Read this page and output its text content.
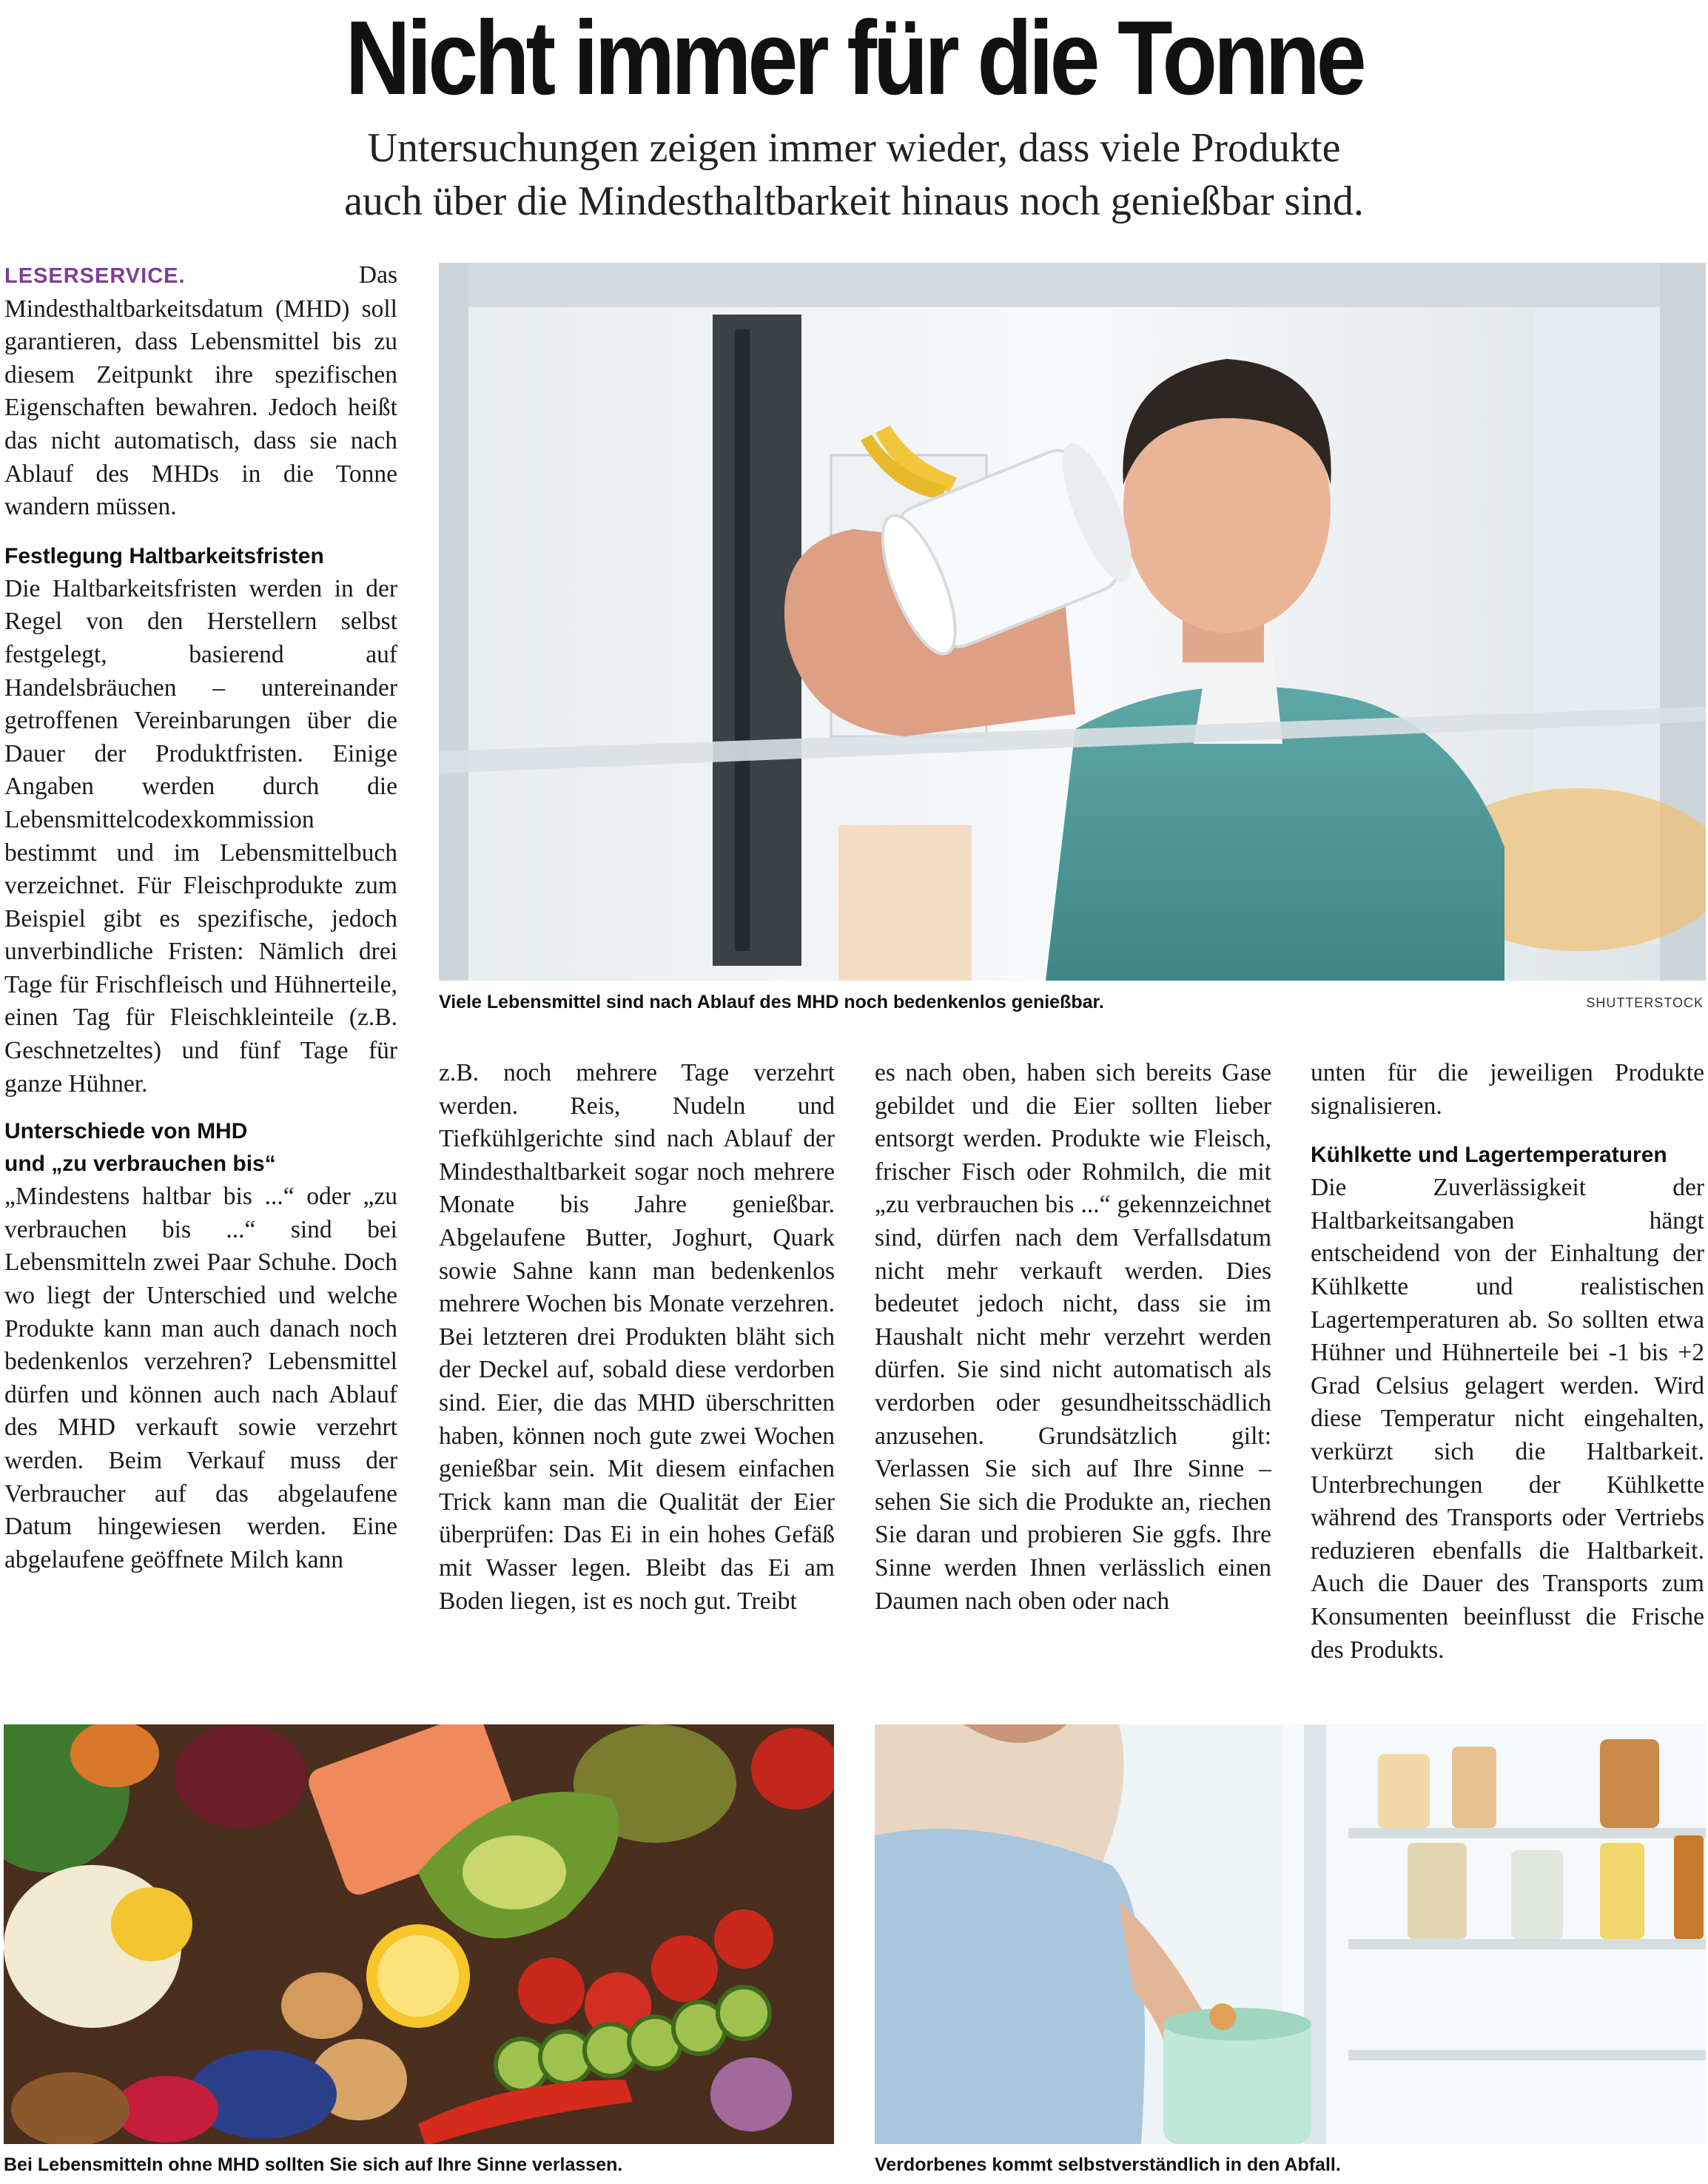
Nicht immer für die Tonne
Untersuchungen zeigen immer wieder, dass viele Produkte
auch über die Mindesthaltbarkeit hinaus noch genießbar sind.

LESERSERVICE.	Das Mindesthaltbarkeitsdatum (MHD) soll garantieren, dass Lebensmittel bis zu diesem Zeitpunkt ihre spezifischen Eigenschaften bewahren. Jedoch heißt das nicht automatisch, dass sie nach Ablauf des MHDs in die Tonne wandern müssen.

Festlegung Haltbarkeitsfristen

Die Haltbarkeitsfristen werden in der Regel von den Herstellern selbst festgelegt, basierend auf Handelsbräuchen – untereinander getroffenen Vereinbarungen über die Dauer der Produktfristen. Einige Angaben werden durch die Lebensmittelcodexkommission bestimmt und im Lebensmittelbuch verzeichnet. Für Fleischprodukte zum Beispiel gibt es spezifische, jedoch unverbindliche Fristen: Nämlich drei Tage für Frischfleisch und Hühnerteile, einen Tag für Fleischkleinteile (z.B. Geschnetzeltes) und fünf Tage für ganze Hühner.

Unterschiede von MHD
und „zu verbrauchen bis“

„Mindestens haltbar bis ...“ oder „zu verbrauchen bis ...“ sind bei Lebensmitteln zwei Paar Schuhe. Doch wo liegt der Unterschied und welche Produkte kann man auch danach noch bedenkenlos verzehren? Lebensmittel dürfen und können auch nach Ablauf des MHD verkauft sowie verzehrt werden. Beim Verkauf muss der Verbraucher auf das abgelaufene Datum hingewiesen werden. Eine abgelaufene geöffnete Milch kann

Viele Lebensmittel sind nach Ablauf des MHD noch bedenkenlos genießbar.	SHUTTERSTOCK

z.B. noch mehrere Tage verzehrt werden. Reis, Nudeln und Tiefkühlgerichte sind nach Ablauf der Mindesthaltbarkeit sogar noch mehrere Monate bis Jahre genießbar. Abgelaufene Butter, Joghurt, Quark sowie Sahne kann man bedenkenlos mehrere Wochen bis Monate verzehren. Bei letzteren drei Produkten bläht sich der Deckel auf, sobald diese verdorben sind. Eier, die das MHD überschritten haben, können noch gute zwei Wochen genießbar sein. Mit diesem einfachen Trick kann man die Qualität der Eier überprüfen: Das Ei in ein hohes Gefäß mit Wasser legen. Bleibt das Ei am Boden liegen, ist es noch gut. Treibt

es nach oben, haben sich bereits Gase gebildet und die Eier sollten lieber entsorgt werden. Produkte wie Fleisch, frischer Fisch oder Rohmilch, die mit „zu verbrauchen bis ...“ gekennzeichnet sind, dürfen nach dem Verfallsdatum nicht mehr verkauft werden. Dies bedeutet jedoch nicht, dass sie im Haushalt nicht mehr verzehrt werden dürfen. Sie sind nicht automatisch als verdorben oder gesundheitsschädlich anzusehen. Grundsätzlich gilt: Verlassen Sie sich auf Ihre Sinne – sehen Sie sich die Produkte an, riechen Sie daran und probieren Sie ggfs. Ihre Sinne werden Ihnen verlässlich einen Daumen nach oben oder nach

unten für die jeweiligen Produkte signalisieren.

Kühlkette und Lagertemperaturen

Die Zuverlässigkeit der Haltbarkeitsangaben hängt entscheidend von der Einhaltung der Kühlkette und realistischen Lagertemperaturen ab. So sollten etwa Hühner und Hühnerteile bei -1 bis +2 Grad Celsius gelagert werden. Wird diese Temperatur nicht eingehalten, verkürzt sich die Haltbarkeit. Unterbrechungen der Kühlkette während des Transports oder Vertriebs reduzieren ebenfalls die Haltbarkeit. Auch die Dauer des Transports zum Konsumenten beeinflusst die Frische des Produkts.

Bei Lebensmitteln ohne MHD sollten Sie sich auf Ihre Sinne verlassen.	Verdorbenes kommt selbstverständlich in den Abfall.
